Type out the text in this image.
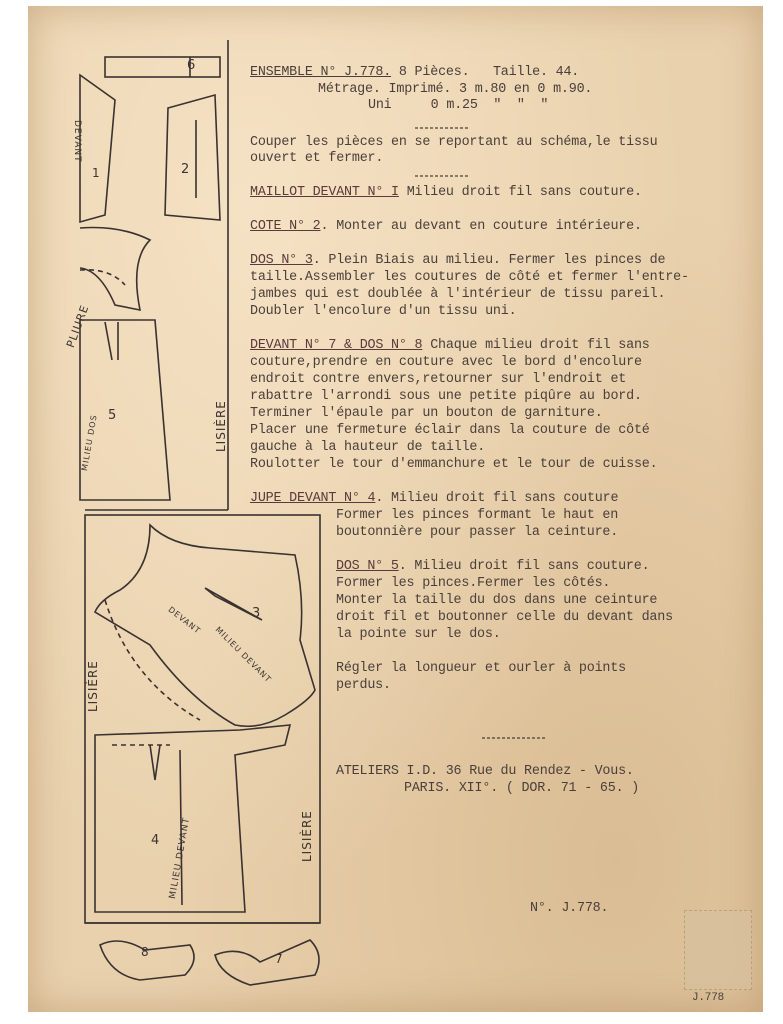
6
2
1
5
3
4
8	7
DEVANT
PLIURE
MILIEU DOS	LISIÈRE
LISIÈRE
DEVANT
MILIEU DEVANT
MILIEU DEVANT	LISIÈRE
ENSEMBLE N° J.778. 8 Pièces. Taille. 44.
Métrage. Imprimé. 3 m.80 en 0 m.90.
Uni     0 m.25  "  "  "
Couper les pièces en se reportant au schéma,le tissu
ouvert et fermer.
MAILLOT DEVANT N° I Milieu droit fil sans couture.
COTE N° 2. Monter au devant en couture intérieure.
DOS N° 3. Plein Biais au milieu. Fermer les pinces de
taille.Assembler les coutures de côté et fermer l'entre-
jambes qui est doublée à l'intérieur de tissu pareil.
Doubler l'encolure d'un tissu uni.
DEVANT N° 7 & DOS N° 8 Chaque milieu droit fil sans
couture,prendre en couture avec le bord d'encolure
endroit contre envers,retourner sur l'endroit et
rabattre l'arrondi sous une petite piqûre au bord.
Terminer l'épaule par un bouton de garniture.
Placer une fermeture éclair dans la couture de côté
gauche à la hauteur de taille.
Roulotter le tour d'emmanchure et le tour de cuisse.
JUPE DEVANT N° 4. Milieu droit fil sans couture
Former les pinces formant le haut en
boutonnière pour passer la ceinture.
DOS N° 5. Milieu droit fil sans couture.
Former les pinces.Fermer les côtés.
Monter la taille du dos dans une ceinture
droit fil et boutonner celle du devant dans
la pointe sur le dos.
Régler la longueur et ourler à points
perdus.
ATELIERS I.D. 36 Rue du Rendez - Vous.
PARIS. XII°. ( DOR. 71 - 65. )
N°. J.778.
J.778
